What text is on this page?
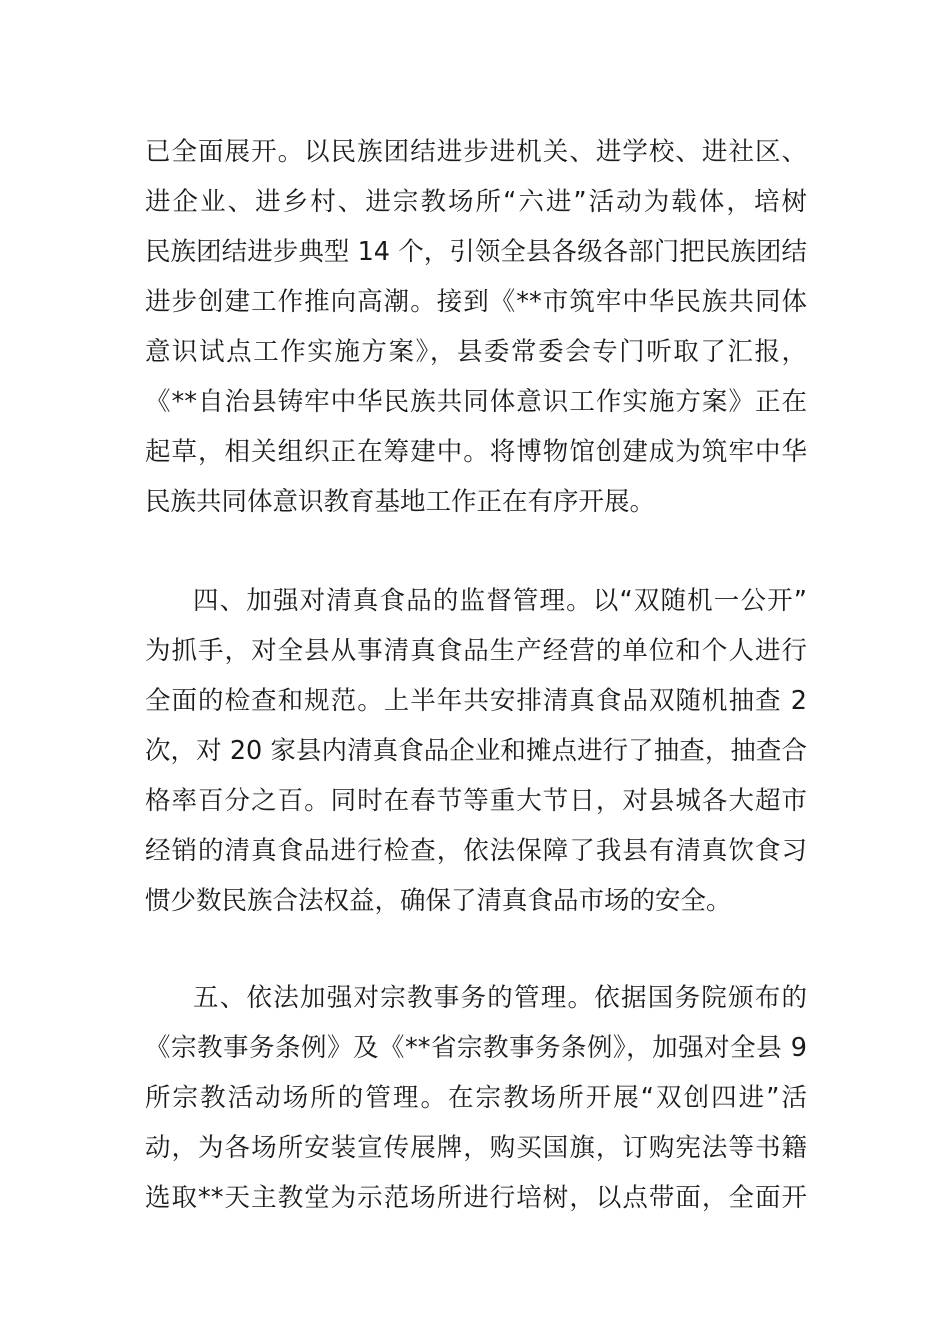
已全面展开。以民族团结进步进机关、进学校、进社区、
进企业、进乡村、进宗教场所“六进”活动为载体，培树
民族团结进步典型 14 个，引领全县各级各部门把民族团结
进步创建工作推向高潮。接到《**市筑牢中华民族共同体
意识试点工作实施方案》，县委常委会专门听取了汇报，
《**自治县铸牢中华民族共同体意识工作实施方案》正在
起草，相关组织正在筹建中。将博物馆创建成为筑牢中华
民族共同体意识教育基地工作正在有序开展。
四、加强对清真食品的监督管理。以“双随机一公开”
为抓手，对全县从事清真食品生产经营的单位和个人进行
全面的检查和规范。上半年共安排清真食品双随机抽查 2
次，对 20 家县内清真食品企业和摊点进行了抽查，抽查合
格率百分之百。同时在春节等重大节日，对县城各大超市
经销的清真食品进行检查，依法保障了我县有清真饮食习
惯少数民族合法权益，确保了清真食品市场的安全。
五、依法加强对宗教事务的管理。依据国务院颁布的
《宗教事务条例》及《**省宗教事务条例》，加强对全县 9
所宗教活动场所的管理。在宗教场所开展“双创四进”活
动，为各场所安装宣传展牌，购买国旗，订购宪法等书籍
选取**天主教堂为示范场所进行培树，以点带面，全面开
